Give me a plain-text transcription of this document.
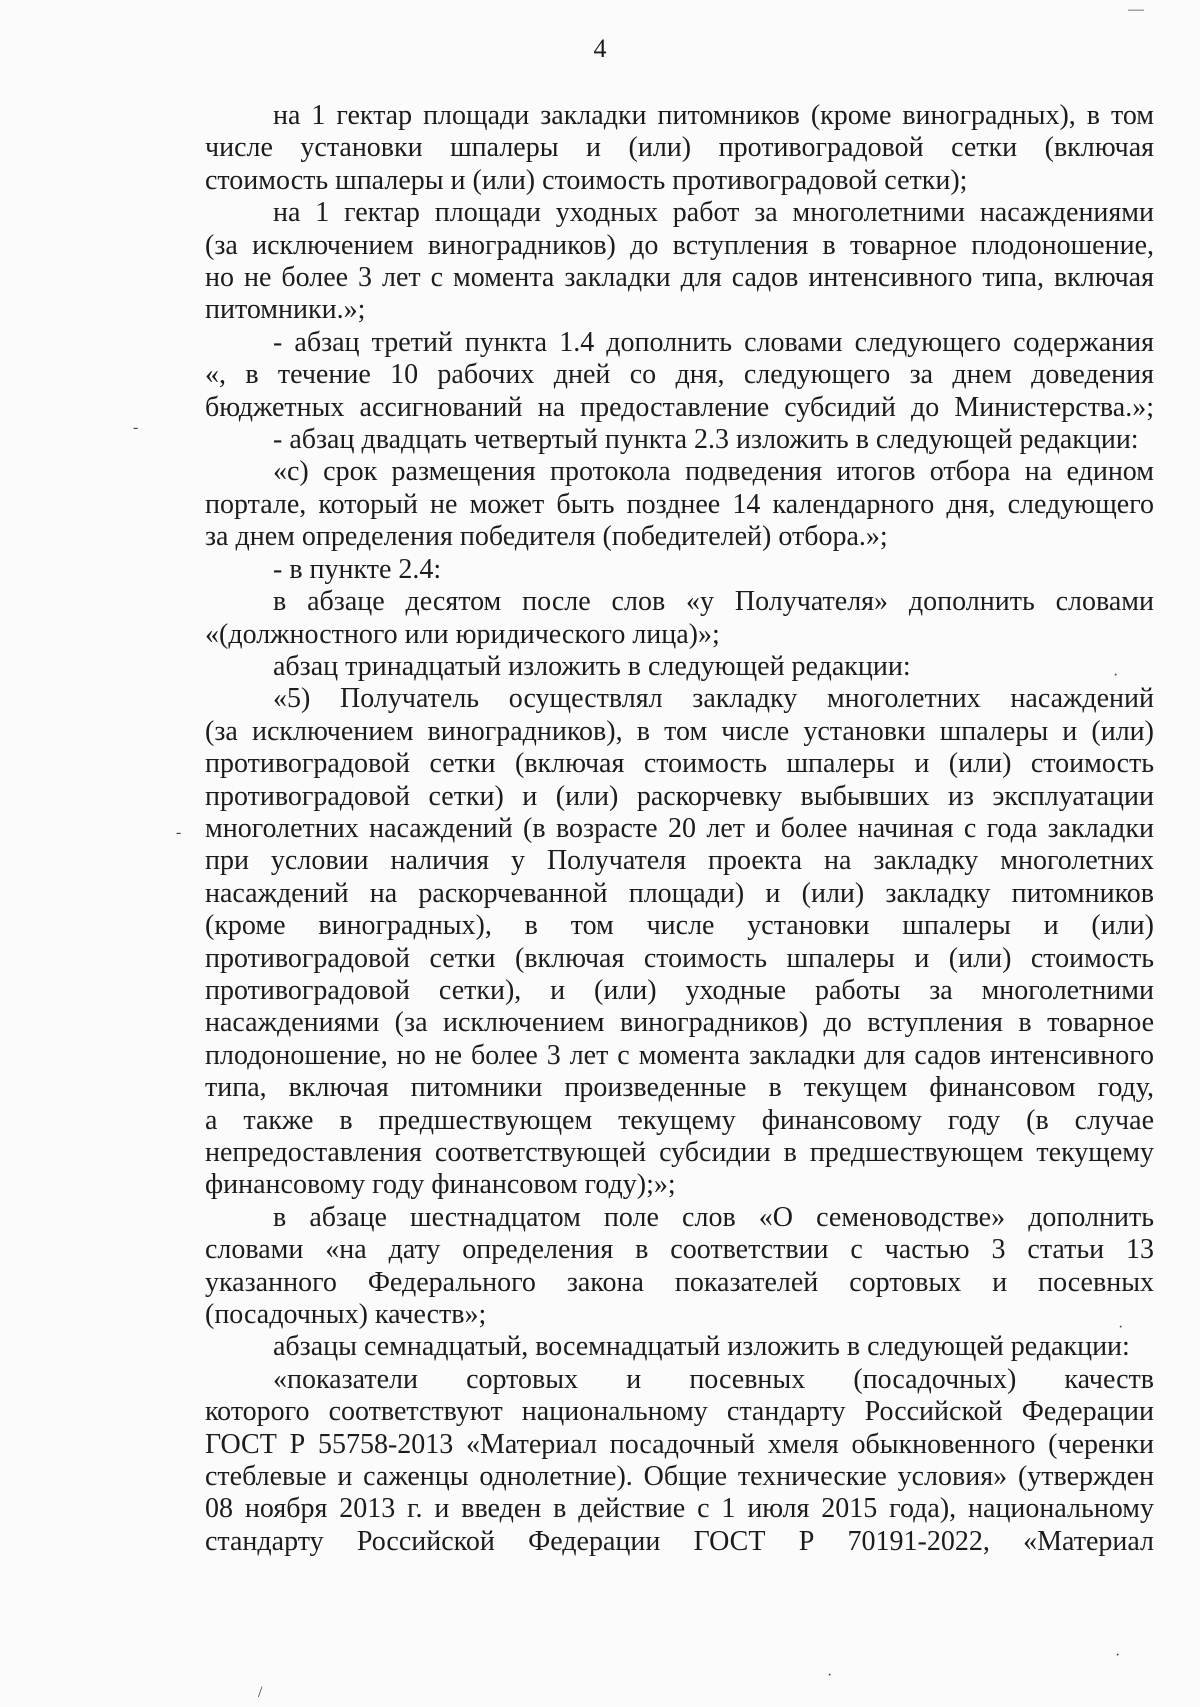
4
на 1 гектар площади закладки питомников (кроме виноградных), в том
числе установки шпалеры и (или) противоградовой сетки (включая
стоимость шпалеры и (или) стоимость противоградовой сетки);
на 1 гектар площади уходных работ за многолетними насаждениями
(за исключением виноградников) до вступления в товарное плодоношение,
но не более 3 лет с момента закладки для садов интенсивного типа, включая
питомники.»;
- абзац третий пункта 1.4 дополнить словами следующего содержания
«, в течение 10 рабочих дней со дня, следующего за днем доведения
бюджетных ассигнований на предоставление субсидий до Министерства.»;
- абзац двадцать четвертый пункта 2.3 изложить в следующей редакции:
«с) срок размещения протокола подведения итогов отбора на едином
портале, который не может быть позднее 14 календарного дня, следующего
за днем определения победителя (победителей) отбора.»;
- в пункте 2.4:
в абзаце десятом после слов «у Получателя» дополнить словами
«(должностного или юридического лица)»;
абзац тринадцатый изложить в следующей редакции:
«5) Получатель осуществлял закладку многолетних насаждений
(за исключением виноградников), в том числе установки шпалеры и (или)
противоградовой сетки (включая стоимость шпалеры и (или) стоимость
противоградовой сетки) и (или) раскорчевку выбывших из эксплуатации
многолетних насаждений (в возрасте 20 лет и более начиная с года закладки
при условии наличия у Получателя проекта на закладку многолетних
насаждений на раскорчеванной площади) и (или) закладку питомников
(кроме виноградных), в том числе установки шпалеры и (или)
противоградовой сетки (включая стоимость шпалеры и (или) стоимость
противоградовой сетки), и (или) уходные работы за многолетними
насаждениями (за исключением виноградников) до вступления в товарное
плодоношение, но не более 3 лет с момента закладки для садов интенсивного
типа, включая питомники произведенные в текущем финансовом году,
а также в предшествующем текущему финансовому году (в случае
непредоставления соответствующей субсидии в предшествующем текущему
финансовому году финансовом году);»;
в абзаце шестнадцатом поле слов «О семеноводстве» дополнить
словами «на дату определения в соответствии с частью 3 статьи 13
указанного Федерального закона показателей сортовых и посевных
(посадочных) качеств»;
абзацы семнадцатый, восемнадцатый изложить в следующей редакции:
«показатели сортовых и посевных (посадочных) качеств
которого соответствуют национальному стандарту Российской Федерации
ГОСТ Р 55758-2013 «Материал посадочный хмеля обыкновенного (черенки
стеблевые и саженцы однолетние). Общие технические условия» (утвержден
08 ноября 2013 г. и введен в действие с 1 июля 2015 года), национальному
стандарту Российской Федерации ГОСТ Р 70191-2022, «Материал
—
-
-
·
·
·
·
/
